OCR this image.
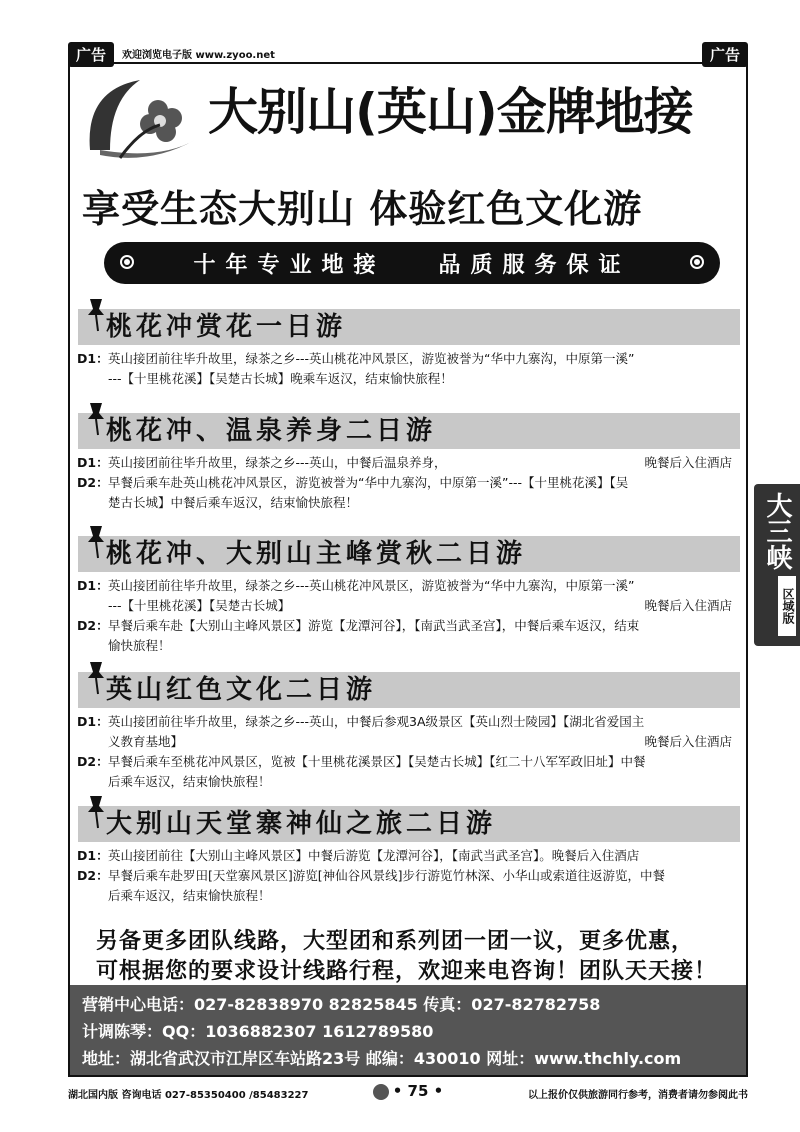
广告	欢迎浏览电子版 www.zyoo.net	广告
大别山(英山)金牌地接
享受生态大别山 体验红色文化游
十年专业地接   品质服务保证
桃花冲赏花一日游
D1： 英山接团前往毕升故里，绿茶之乡---英山桃花冲风景区，游览被誉为“华中九寨沟，中原第一溪”
---【十里桃花溪】【吴楚古长城】晚乘车返汉，结束愉快旅程！
桃花冲、温泉养身二日游
D1： 英山接团前往毕升故里，绿茶之乡---英山，中餐后温泉养身，	晚餐后入住酒店
D2： 早餐后乘车赴英山桃花冲风景区，游览被誉为“华中九寨沟，中原第一溪”---【十里桃花溪】【吴
楚古长城】中餐后乘车返汉，结束愉快旅程！
桃花冲、大别山主峰赏秋二日游
D1： 英山接团前往毕升故里，绿茶之乡---英山桃花冲风景区，游览被誉为“华中九寨沟，中原第一溪”
---【十里桃花溪】【吴楚古长城】	晚餐后入住酒店
D2： 早餐后乘车赴【大别山主峰风景区】游览【龙潭河谷】，【南武当武圣宫】，中餐后乘车返汉，结束
愉快旅程！
英山红色文化二日游
D1： 英山接团前往毕升故里，绿茶之乡---英山，中餐后参观3A级景区【英山烈士陵园】【湖北省爱国主
义教育基地】	晚餐后入住酒店
D2： 早餐后乘车至桃花冲风景区，览被【十里桃花溪景区】【吴楚古长城】【红二十八军军政旧址】中餐
后乘车返汉，结束愉快旅程！
大别山天堂寨神仙之旅二日游
D1： 英山接团前往【大别山主峰风景区】中餐后游览【龙潭河谷】，【南武当武圣宫】。晚餐后入住酒店
D2： 早餐后乘车赴罗田[天堂寨风景区]游览[神仙谷风景线]步行游览竹林深、小华山或索道往返游览，中餐
后乘车返汉，结束愉快旅程！
另备更多团队线路，大型团和系列团一团一议，更多优惠，
可根据您的要求设计线路行程，欢迎来电咨询！团队天天接！
营销中心电话：027-82838970 82825845 传真：027-82782758
计调陈琴：QQ：1036882307 1612789580
地址：湖北省武汉市江岸区车站路23号 邮编：430010 网址：www.thchly.com
大三峡
区域版
湖北国内版 咨询电话 027-85350400 /85483227	• 75 •	以上报价仅供旅游同行参考，消费者请勿参阅此书
